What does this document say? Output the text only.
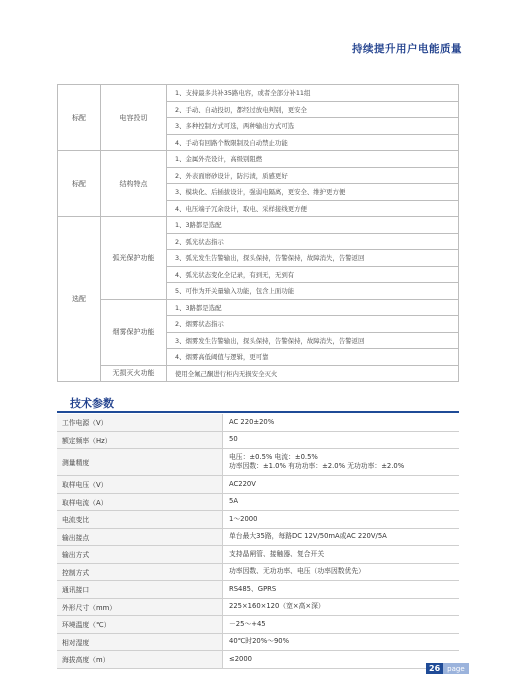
持续提升用户电能质量
标配	电容投切	1、支持最多共补35路电容，或者全部分补11组
		2、手动、自动投切，都经过放电判别，更安全
		3、多种控制方式可选，两种输出方式可选
		4、手动有回路个数限制及自动禁止功能
标配	结构特点	1、金属外壳设计，高级别阻燃
		2、外表面磨砂设计，防污渍，质感更好
		3、模块化、后插拔设计，强弱电隔离，更安全、维护更方便
		4、电压端子冗余设计，取电、采样接线更方便
选配	弧光保护功能	1、3路都是选配
		2、弧光状态指示
		3、弧光发生告警输出，探头保持，告警保持，故障消失，告警返回
		4、弧光状态变化全记录，有到无，无到有
		5、可作为开关量输入功能，包含上面功能
	烟雾保护功能	1、3路都是选配
		2、烟雾状态指示
		3、烟雾发生告警输出，探头保持，告警保持，故障消失，告警返回
		4、烟雾高低阈值与逻辑，更可靠
	无损灭火功能	使用全氟己酮进行柜内无损安全灭火
技术参数
工作电源（V）	AC 220±20%

额定频率（Hz）	50

测量精度	电压：±0.5% 电流：±0.5%
功率因数：±1.0% 有功功率：±2.0% 无功功率：±2.0%

取样电压（V）	AC220V

取样电流（A）	5A

电流变比	1～2000

输出接点	单台最大35路，每路DC 12V/50mA或AC 220V/5A

输出方式	支持晶闸管、接触器、复合开关

控制方式	功率因数、无功功率、电压（功率因数优先）

通讯接口	RS485、GPRS

外形尺寸（mm）	225×160×120（宽×高×深）

环境温度（℃）	－25～+45

相对湿度	40℃时20%～90%

海拔高度（m）	≤2000
26	page
